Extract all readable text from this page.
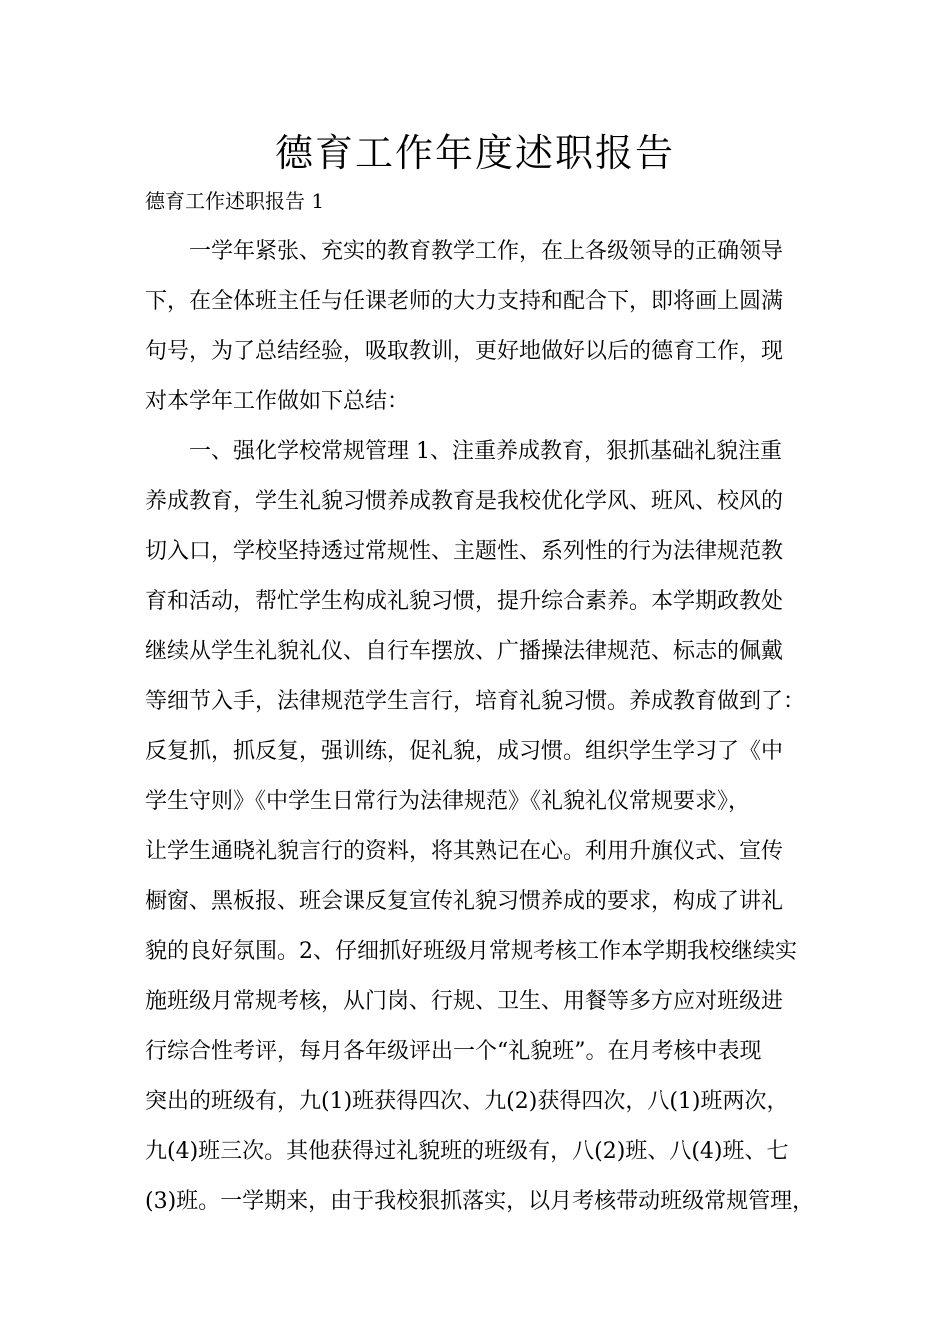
德育工作年度述职报告
德育工作述职报告 1
一学年紧张、充实的教育教学工作，在上各级领导的正确领导
下，在全体班主任与任课老师的大力支持和配合下，即将画上圆满
句号，为了总结经验，吸取教训，更好地做好以后的德育工作，现
对本学年工作做如下总结：
一、强化学校常规管理 1、注重养成教育，狠抓基础礼貌注重
养成教育，学生礼貌习惯养成教育是我校优化学风、班风、校风的
切入口，学校坚持透过常规性、主题性、系列性的行为法律规范教
育和活动，帮忙学生构成礼貌习惯，提升综合素养。本学期政教处
继续从学生礼貌礼仪、自行车摆放、广播操法律规范、标志的佩戴
等细节入手，法律规范学生言行，培育礼貌习惯。养成教育做到了：
反复抓，抓反复，强训练，促礼貌，成习惯。组织学生学习了《中
学生守则》《中学生日常行为法律规范》《礼貌礼仪常规要求》，
让学生通晓礼貌言行的资料，将其熟记在心。利用升旗仪式、宣传
橱窗、黑板报、班会课反复宣传礼貌习惯养成的要求，构成了讲礼
貌的良好氛围。2、仔细抓好班级月常规考核工作本学期我校继续实
施班级月常规考核，从门岗、行规、卫生、用餐等多方应对班级进
行综合性考评，每月各年级评出一个“礼貌班”。在月考核中表现
突出的班级有，九(1)班获得四次、九(2)获得四次，八(1)班两次，
九(4)班三次。其他获得过礼貌班的班级有，八(2)班、八(4)班、七
(3)班。一学期来，由于我校狠抓落实，以月考核带动班级常规管理，
